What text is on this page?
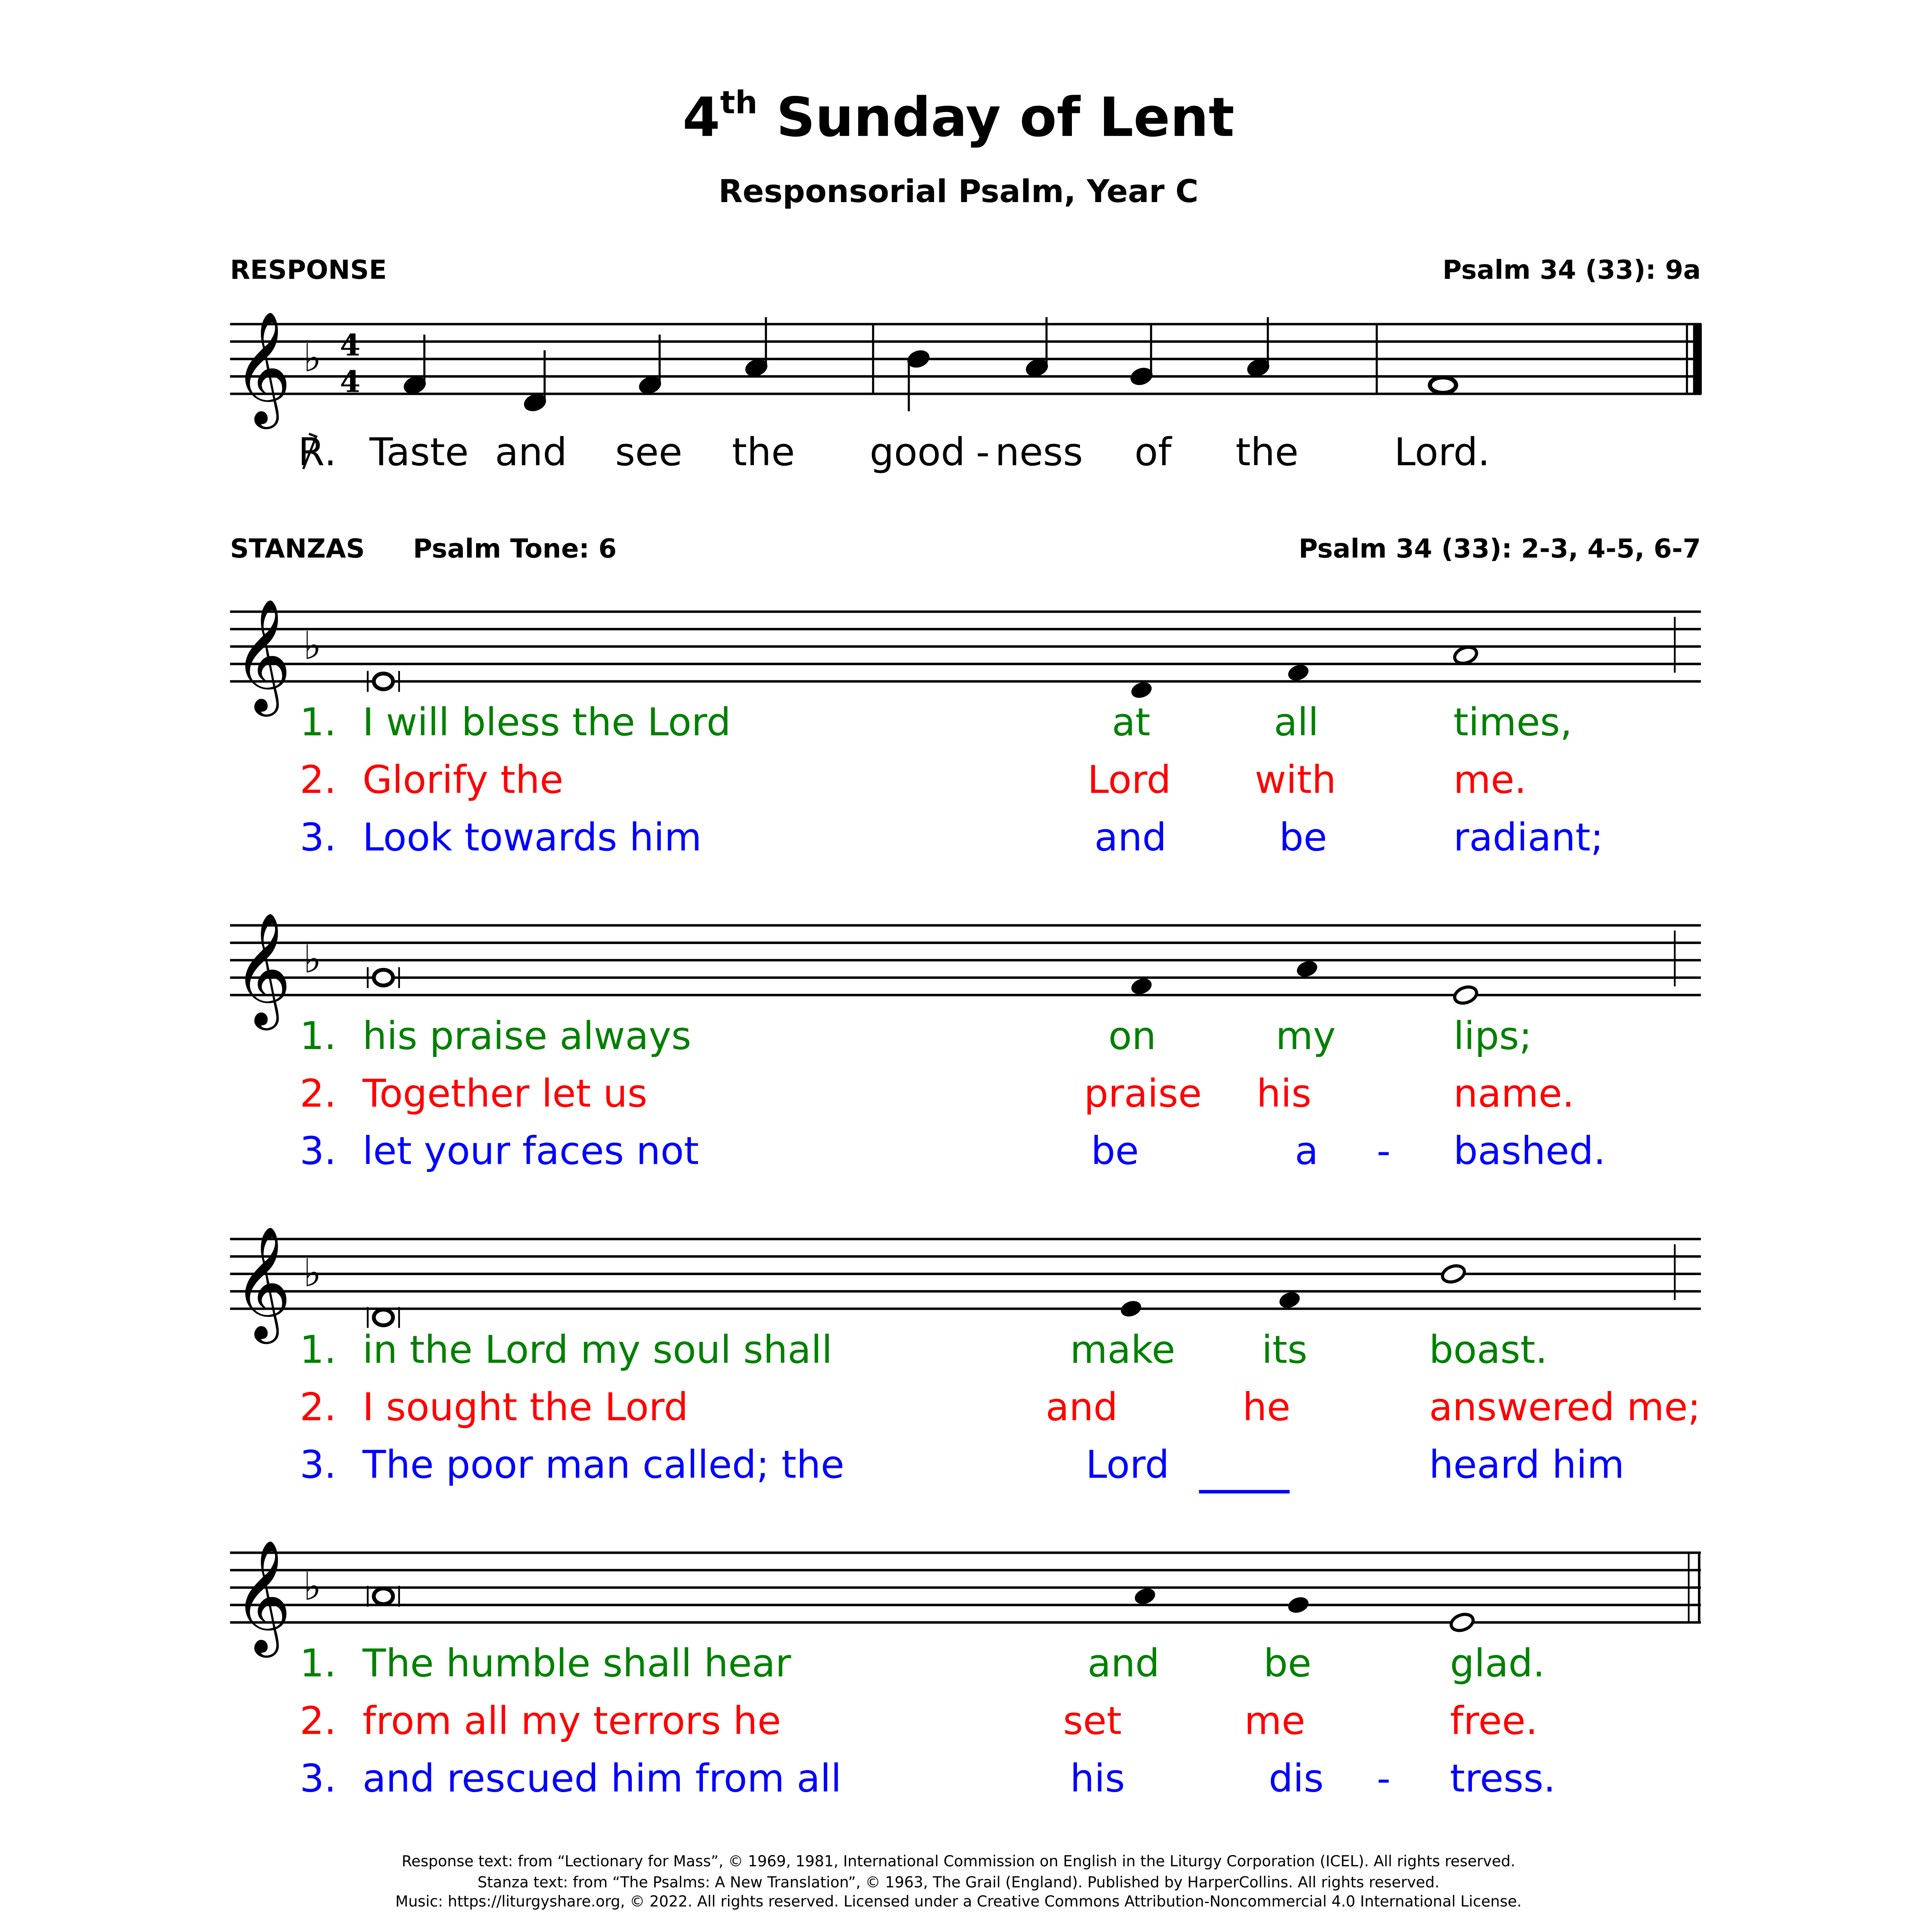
4th Sunday of Lent
Responsorial Psalm, Year C
RESPONSE	Psalm 34 (33): 9a
𝄞 ♭	4
4
℟.	Taste	and	see	the	good - ness	of	the	Lord.
STANZAS	Psalm Tone: 6	Psalm 34 (33): 2-3, 4-5, 6-7
𝄞 ♭
1.	I will bless the Lord	at	all	times,
2.	Glorify the	Lord	with	me.
3.	Look towards him	and	be	radiant;
𝄞 ♭
1.	his praise always	on	my	lips;
2.	Together let us	praise	his	name.
3.	let your faces not	be	a	-	bashed.
𝄞 ♭
1.	in the Lord my soul shall	make	its	boast.
2.	I sought the Lord	and	he	answered me;
3.	The poor man called; the	Lord	heard him
𝄞 ♭
1.	The humble shall hear	and	be	glad.
2.	from all my terrors he	set	me	free.
3.	and rescued him from all	his	dis	-	tress.
Response text: from “Lectionary for Mass”, © 1969, 1981, International Commission on English in the Liturgy Corporation (ICEL). All rights reserved.
Stanza text: from “The Psalms: A New Translation”, © 1963, The Grail (England). Published by HarperCollins. All rights reserved.
Music: https://liturgyshare.org, © 2022. All rights reserved. Licensed under a Creative Commons Attribution-Noncommercial 4.0 International License.
